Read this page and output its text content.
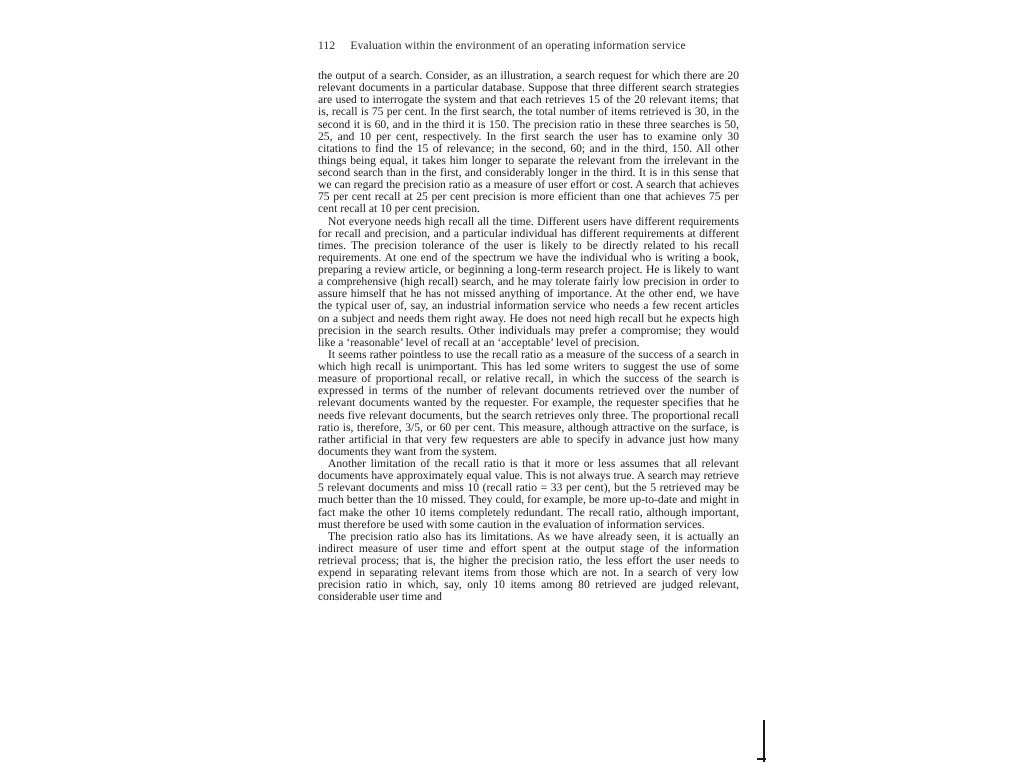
112 Evaluation within the environment of an operating information service

the output of a search. Consider, as an illustration, a search request for which there are 20 relevant documents in a particular database. Suppose that three different search strategies are used to interrogate the system and that each retrieves 15 of the 20 relevant items; that is, recall is 75 per cent. In the first search, the total number of items retrieved is 30, in the second it is 60, and in the third it is 150. The precision ratio in these three searches is 50, 25, and 10 per cent, respectively. In the first search the user has to examine only 30 citations to find the 15 of relevance; in the second, 60; and in the third, 150. All other things being equal, it takes him longer to separate the relevant from the irrelevant in the second search than in the first, and considerably longer in the third. It is in this sense that we can regard the precision ratio as a measure of user effort or cost. A search that achieves 75 per cent recall at 25 per cent precision is more efficient than one that achieves 75 per cent recall at 10 per cent precision.

Not everyone needs high recall all the time. Different users have different requirements for recall and precision, and a particular individual has different requirements at different times. The precision tolerance of the user is likely to be directly related to his recall requirements. At one end of the spectrum we have the individual who is writing a book, preparing a review article, or beginning a long-term research project. He is likely to want a comprehensive (high recall) search, and he may tolerate fairly low precision in order to assure himself that he has not missed anything of importance. At the other end, we have the typical user of, say, an industrial information service who needs a few recent articles on a subject and needs them right away. He does not need high recall but he expects high precision in the search results. Other individuals may prefer a compromise; they would like a ‘reasonable’ level of recall at an ‘acceptable’ level of precision.

It seems rather pointless to use the recall ratio as a measure of the success of a search in which high recall is unimportant. This has led some writers to suggest the use of some measure of proportional recall, or relative recall, in which the success of the search is expressed in terms of the number of relevant documents retrieved over the number of relevant documents wanted by the requester. For example, the requester specifies that he needs five relevant documents, but the search retrieves only three. The proportional recall ratio is, therefore, 3/5, or 60 per cent. This measure, although attractive on the surface, is rather artificial in that very few requesters are able to specify in advance just how many documents they want from the system.

Another limitation of the recall ratio is that it more or less assumes that all relevant documents have approximately equal value. This is not always true. A search may retrieve 5 relevant documents and miss 10 (recall ratio = 33 per cent), but the 5 retrieved may be much better than the 10 missed. They could, for example, be more up-to-date and might in fact make the other 10 items completely redundant. The recall ratio, although important, must therefore be used with some caution in the evaluation of information services.

The precision ratio also has its limitations. As we have already seen, it is actually an indirect measure of user time and effort spent at the output stage of the information retrieval process; that is, the higher the precision ratio, the less effort the user needs to expend in separating relevant items from those which are not. In a search of very low precision ratio in which, say, only 10 items among 80 retrieved are judged relevant, considerable user time and
